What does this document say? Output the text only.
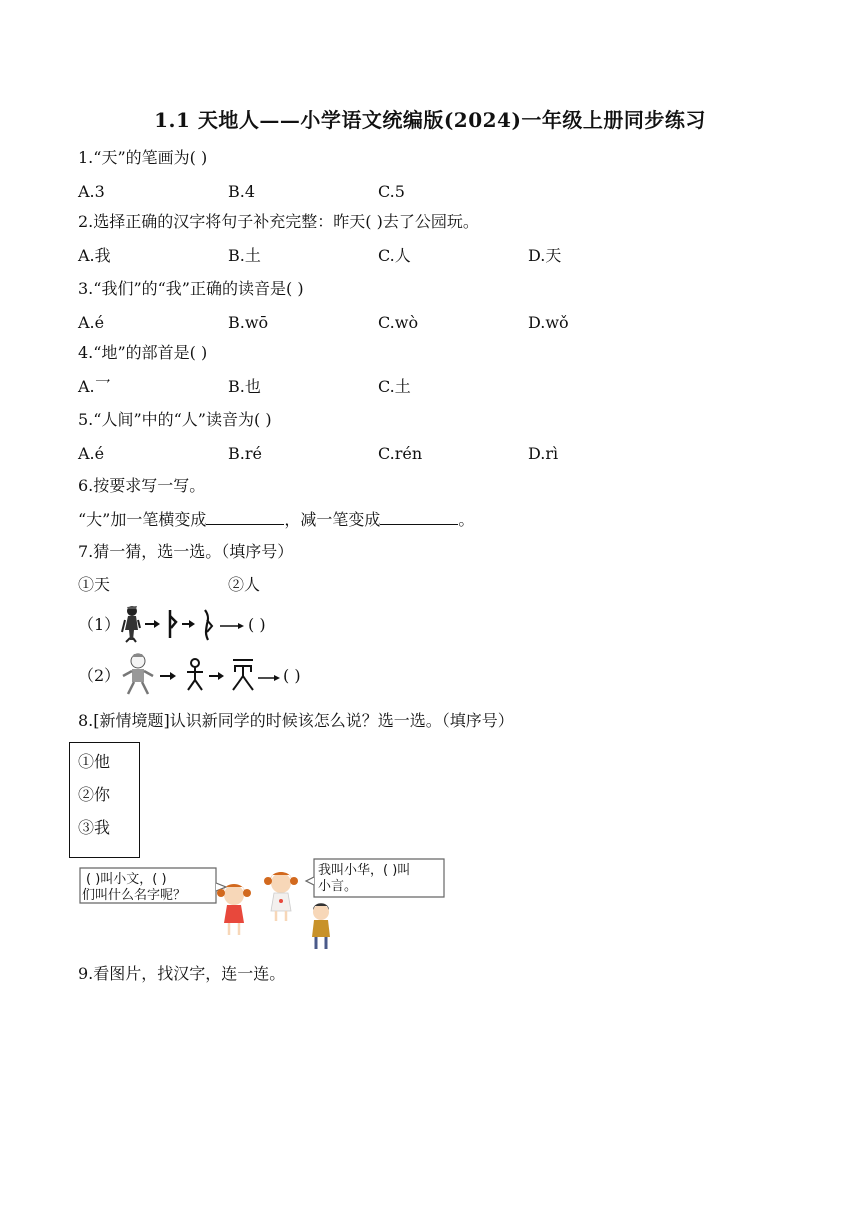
1.1 天地人——小学语文统编版(2024)一年级上册同步练习
1.“天”的笔画为( )
A.3	B.4	C.5
2.选择正确的汉字将句子补充完整：昨天( )去了公园玩。
A.我	B.土	C.人	D.天
3.“我们”的“我”正确的读音是( )
A.é	B.wō	C.wò	D.wǒ
4.“地”的部首是( )
A.乛	B.也	C.土
5.“人间”中的“人”读音为( )
A.é	B.ré	C.rén	D.rì
6.按要求写一写。
“大”加一笔横变成	，减一笔变成	。
7.猜一猜，选一选。（填序号）
①天	②人
（1）	( )
（2）	( )
8.[新情境题]认识新同学的时候该怎么说？选一选。（填序号）
①他
②你
③我
( )叫小文，( )
们叫什么名字呢？
我叫小华，( )叫
小言。
9.看图片，找汉字，连一连。
